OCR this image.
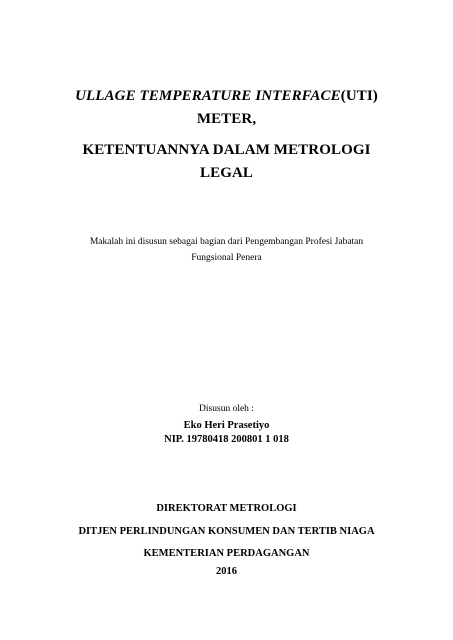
ULLAGE TEMPERATURE INTERFACE(UTI)
METER,
KETENTUANNYA DALAM METROLOGI
LEGAL
Makalah ini disusun sebagai bagian dari Pengembangan Profesi Jabatan
Fungsional Penera
Disusun oleh :
Eko Heri Prasetiyo
NIP. 19780418 200801 1 018
DIREKTORAT METROLOGI
DITJEN PERLINDUNGAN KONSUMEN DAN TERTIB NIAGA
KEMENTERIAN PERDAGANGAN
2016
